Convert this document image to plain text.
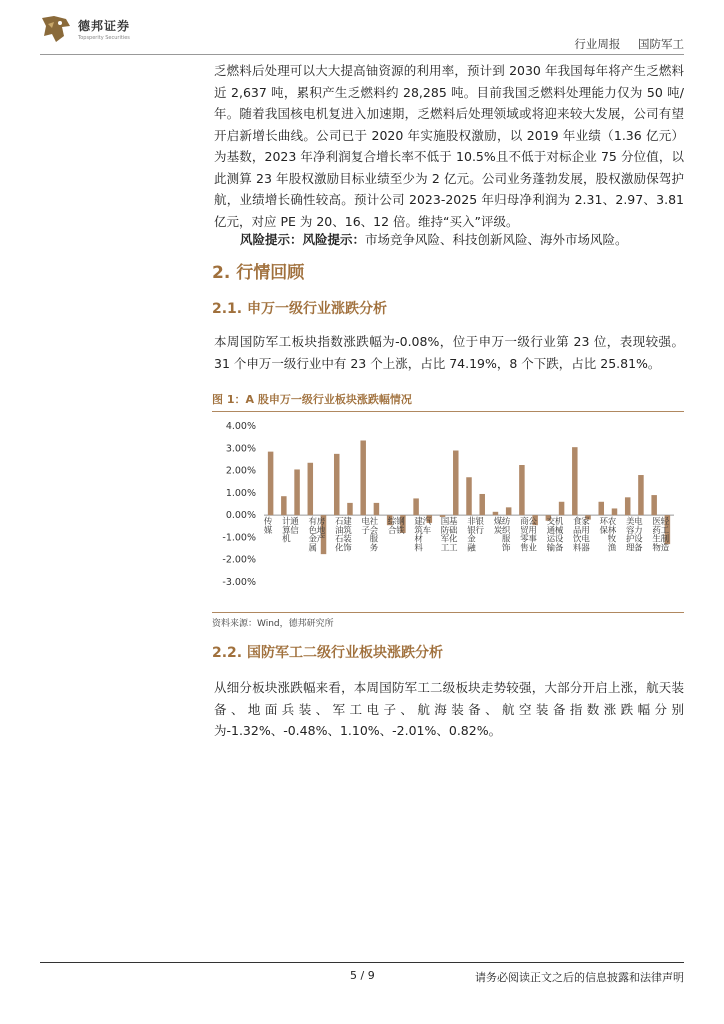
德邦证券
Topsperity Securities	行业周报 国防军工
乏燃料后处理可以大大提高铀资源的利用率，预计到 2030 年我国每年将产生乏燃料近 2,637 吨，累积产生乏燃料约 28,285 吨。目前我国乏燃料处理能力仅为 50 吨/年。随着我国核电机复进入加速期，乏燃料后处理领域或将迎来较大发展，公司有望开启新增长曲线。公司已于 2020 年实施股权激励，以 2019 年业绩（1.36 亿元）为基数，2023 年净利润复合增长率不低于 10.5%且不低于对标企业 75 分位值，以此测算 23 年股权激励目标业绩至少为 2 亿元。公司业务蓬勃发展，股权激励保驾护航，业绩增长确性较高。预计公司 2023-2025 年归母净利润为 2.31、2.97、3.81 亿元，对应 PE 为 20、16、12 倍。维持“买入”评级。
风险提示：风险提示：市场竞争风险、科技创新风险、海外市场风险。
2. 行情回顾
2.1. 申万一级行业涨跌分析
本周国防军工板块指数涨跌幅为-0.08%，位于申万一级行业第 23 位，表现较强。31 个申万一级行业中有 23 个上涨，占比 74.19%，8 个下跌，占比 25.81%。
图 1：A 股申万一级行业板块涨跌幅情况
4.00%
3.00%
2.00%
1.00%
0.00%
-1.00%
-2.00%
-3.00%
传媒
计算机
通信
有色金属
房地产
石油石化
建筑装饰
电子
社会服务
综合
钢铁
建筑材料
汽车
国防军工
基础化工
非银金融
银行
煤炭
纺织服饰
商贸零售
公用事业
交通运输
机械设备
食品饮料
家用电器
环保
农林牧渔
美容护理
电力设备
医药生物
轻工制造
资料来源：Wind，德邦研究所
2.2. 国防军工二级行业板块涨跌分析
从细分板块涨跌幅来看，本周国防军工二级板块走势较强，大部分开启上涨，航天装备、地面兵装、军工电子、航海装备、航空装备指数涨跌幅分别为-1.32%、-0.48%、1.10%、-2.01%、0.82%。
5 / 9	请务必阅读正文之后的信息披露和法律声明
